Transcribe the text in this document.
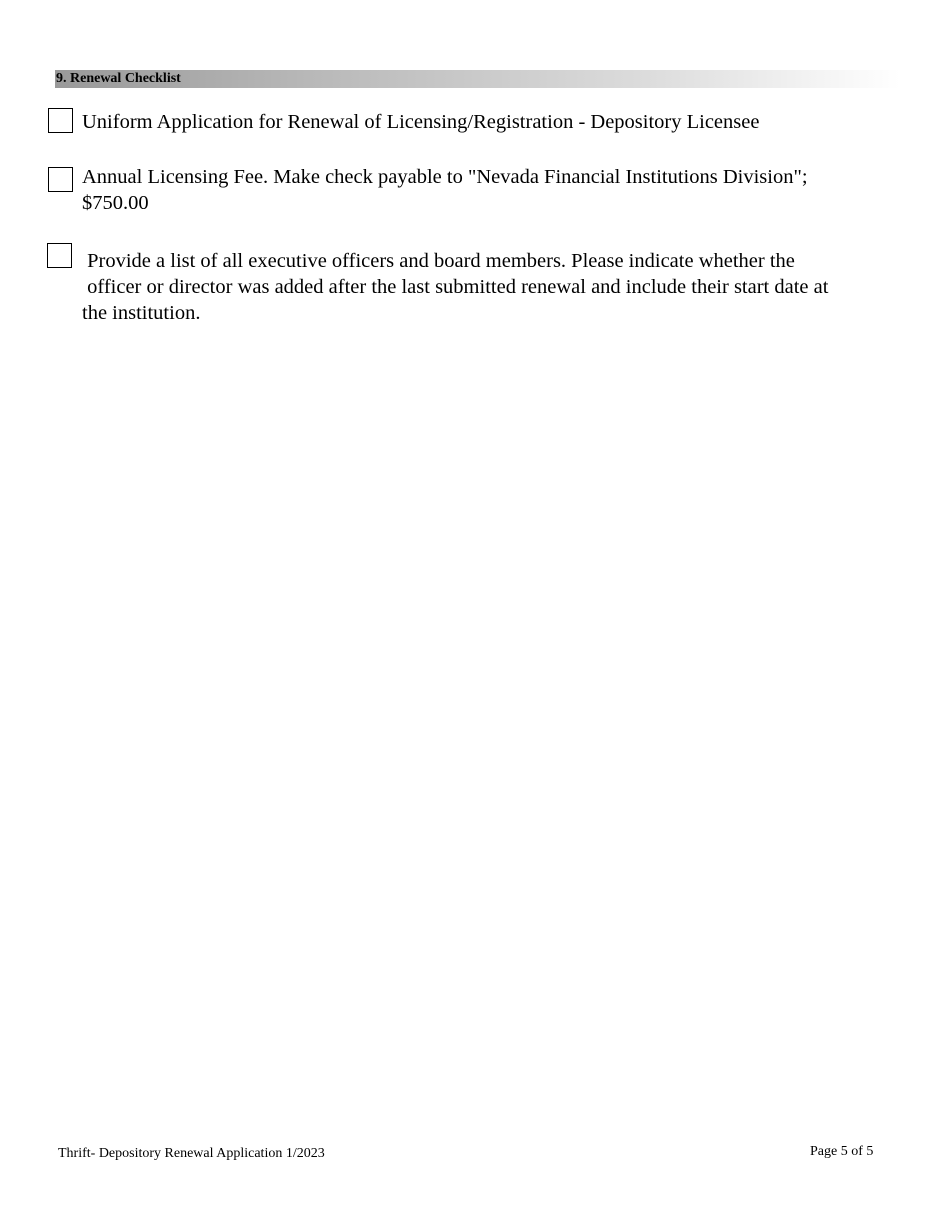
9. Renewal Checklist
Uniform Application for Renewal of Licensing/Registration - Depository Licensee
Annual Licensing Fee. Make check payable to "Nevada Financial Institutions Division";
$750.00
Provide a list of all executive officers and board members. Please indicate whether the
officer or director was added after the last submitted renewal and include their start date at
the institution.
Thrift- Depository Renewal Application 1/2023	Page 5 of 5
